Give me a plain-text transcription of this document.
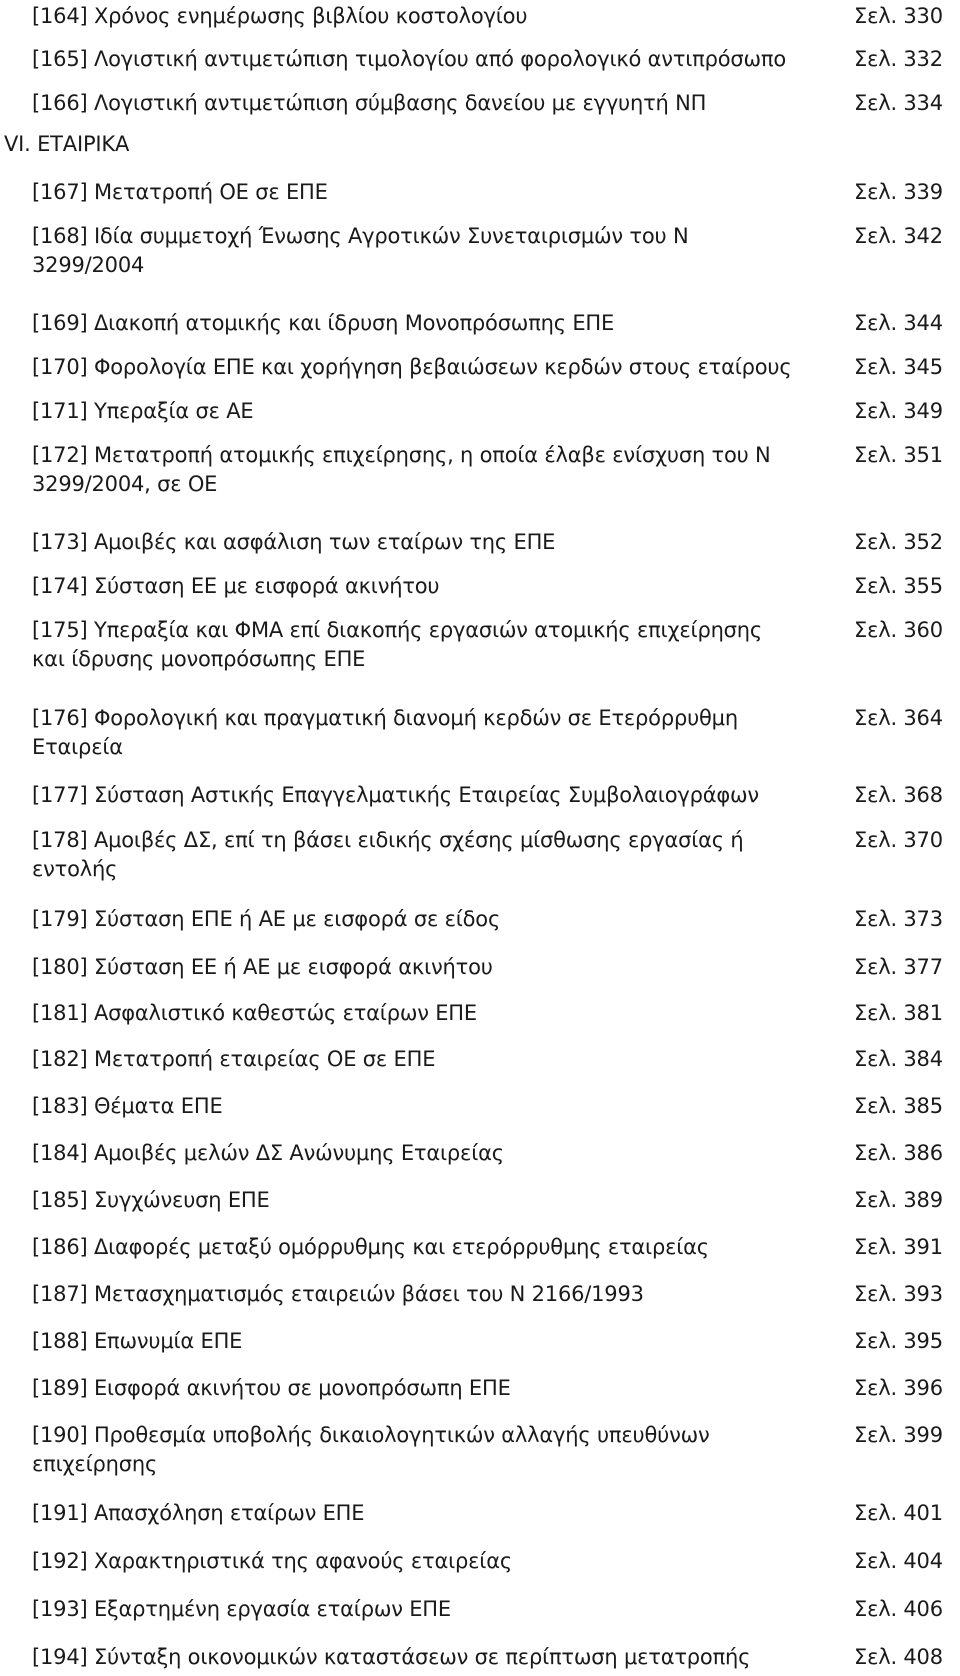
[164] Χρόνος ενημέρωσης βιβλίου κοστολογίου	Σελ. 330
[165] Λογιστική αντιμετώπιση τιμολογίου από φορολογικό αντιπρόσωπο	Σελ. 332
[166] Λογιστική αντιμετώπιση σύμβασης δανείου με εγγυητή ΝΠ	Σελ. 334
VI. ΕΤΑΙΡΙΚΑ
[167] Μετατροπή ΟΕ σε ΕΠΕ	Σελ. 339
[168] Ιδία συμμετοχή Ένωσης Αγροτικών Συνεταιρισμών του Ν 3299/2004
Σελ. 342
[169] Διακοπή ατομικής και ίδρυση Μονοπρόσωπης ΕΠΕ	Σελ. 344
[170] Φορολογία ΕΠΕ και χορήγηση βεβαιώσεων κερδών στους εταίρους	Σελ. 345
[171] Υπεραξία σε ΑΕ	Σελ. 349
[172] Μετατροπή ατομικής επιχείρησης, η οποία έλαβε ενίσχυση του Ν 3299/2004, σε ΟΕ
Σελ. 351
[173] Αμοιβές και ασφάλιση των εταίρων της ΕΠΕ	Σελ. 352
[174] Σύσταση ΕΕ με εισφορά ακινήτου	Σελ. 355
[175] Υπεραξία και ΦΜΑ επί διακοπής εργασιών ατομικής επιχείρησης και ίδρυσης μονοπρόσωπης ΕΠΕ
Σελ. 360
[176] Φορολογική και πραγματική διανομή κερδών σε Ετερόρρυθμη Εταιρεία
Σελ. 364
[177] Σύσταση Αστικής Επαγγελματικής Εταιρείας Συμβολαιογράφων	Σελ. 368
[178] Αμοιβές ΔΣ, επί τη βάσει ειδικής σχέσης μίσθωσης εργασίας ή εντολής
Σελ. 370
[179] Σύσταση ΕΠΕ ή ΑΕ με εισφορά σε είδος	Σελ. 373
[180] Σύσταση ΕΕ ή ΑΕ με εισφορά ακινήτου	Σελ. 377
[181] Ασφαλιστικό καθεστώς εταίρων ΕΠΕ	Σελ. 381
[182] Μετατροπή εταιρείας ΟΕ σε ΕΠΕ	Σελ. 384
[183] Θέματα ΕΠΕ	Σελ. 385
[184] Αμοιβές μελών ΔΣ Ανώνυμης Εταιρείας	Σελ. 386
[185] Συγχώνευση ΕΠΕ	Σελ. 389
[186] Διαφορές μεταξύ ομόρρυθμης και ετερόρρυθμης εταιρείας	Σελ. 391
[187] Μετασχηματισμός εταιρειών βάσει του Ν 2166/1993	Σελ. 393
[188] Επωνυμία ΕΠΕ	Σελ. 395
[189] Εισφορά ακινήτου σε μονοπρόσωπη ΕΠΕ	Σελ. 396
[190] Προθεσμία υποβολής δικαιολογητικών αλλαγής υπευθύνων επιχείρησης
Σελ. 399
[191] Απασχόληση εταίρων ΕΠΕ	Σελ. 401
[192] Χαρακτηριστικά της αφανούς εταιρείας	Σελ. 404
[193] Εξαρτημένη εργασία εταίρων ΕΠΕ	Σελ. 406
[194] Σύνταξη οικονομικών καταστάσεων σε περίπτωση μετατροπής	Σελ. 408
